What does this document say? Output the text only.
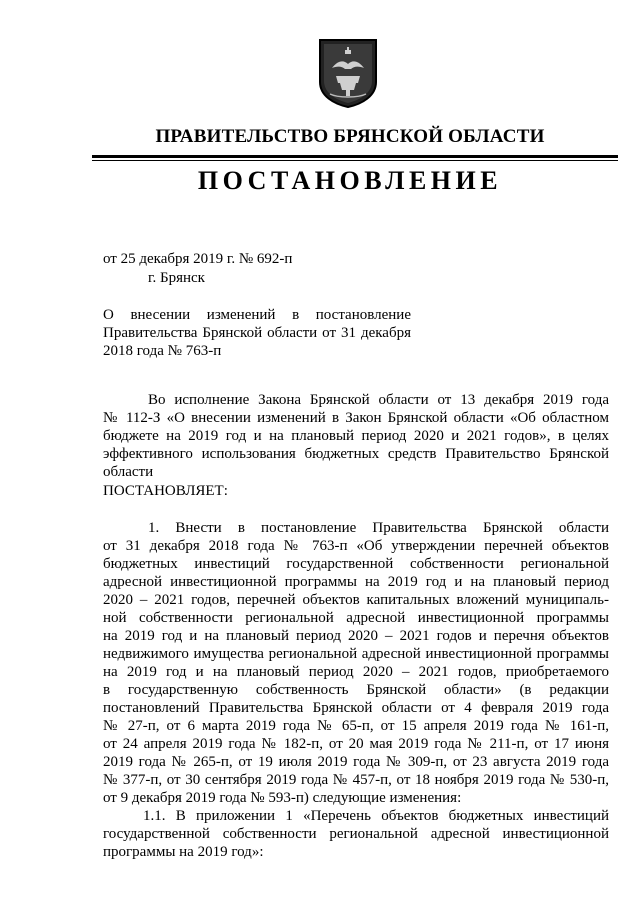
ПРАВИТЕЛЬСТВО БРЯНСКОЙ ОБЛАСТИ
ПОСТАНОВЛЕНИЕ
от 25 декабря 2019 г. № 692-п
г. Брянск
О внесении изменений в постановление
Правительства Брянской области от 31 декабря
2018 года № 763-п
Во исполнение Закона Брянской области от 13 декабря 2019 года
№ 112-З «О внесении изменений в Закон Брянской области «Об областном
бюджете на 2019 год и на плановый период 2020 и 2021 годов», в целях
эффективного использования бюджетных средств Правительство Брянской
области
ПОСТАНОВЛЯЕТ:
1. Внести в постановление Правительства Брянской области
от 31 декабря 2018 года № 763-п «Об утверждении перечней объектов
бюджетных инвестиций государственной собственности региональной
адресной инвестиционной программы на 2019 год и на плановый период
2020 – 2021 годов, перечней объектов капитальных вложений муниципаль-
ной собственности региональной адресной инвестиционной программы
на 2019 год и на плановый период 2020 – 2021 годов и перечня объектов
недвижимого имущества региональной адресной инвестиционной программы
на 2019 год и на плановый период 2020 – 2021 годов, приобретаемого
в государственную собственность Брянской области» (в редакции
постановлений Правительства Брянской области от 4 февраля 2019 года
№ 27-п, от 6 марта 2019 года № 65-п, от 15 апреля 2019 года № 161-п,
от 24 апреля 2019 года № 182-п, от 20 мая 2019 года № 211-п, от 17 июня
2019 года № 265-п, от 19 июля 2019 года № 309-п, от 23 августа 2019 года
№ 377-п, от 30 сентября 2019 года № 457-п, от 18 ноября 2019 года № 530-п,
от 9 декабря 2019 года № 593-п) следующие изменения:
1.1. В приложении 1 «Перечень объектов бюджетных инвестиций
государственной собственности региональной адресной инвестиционной
программы на 2019 год»:
